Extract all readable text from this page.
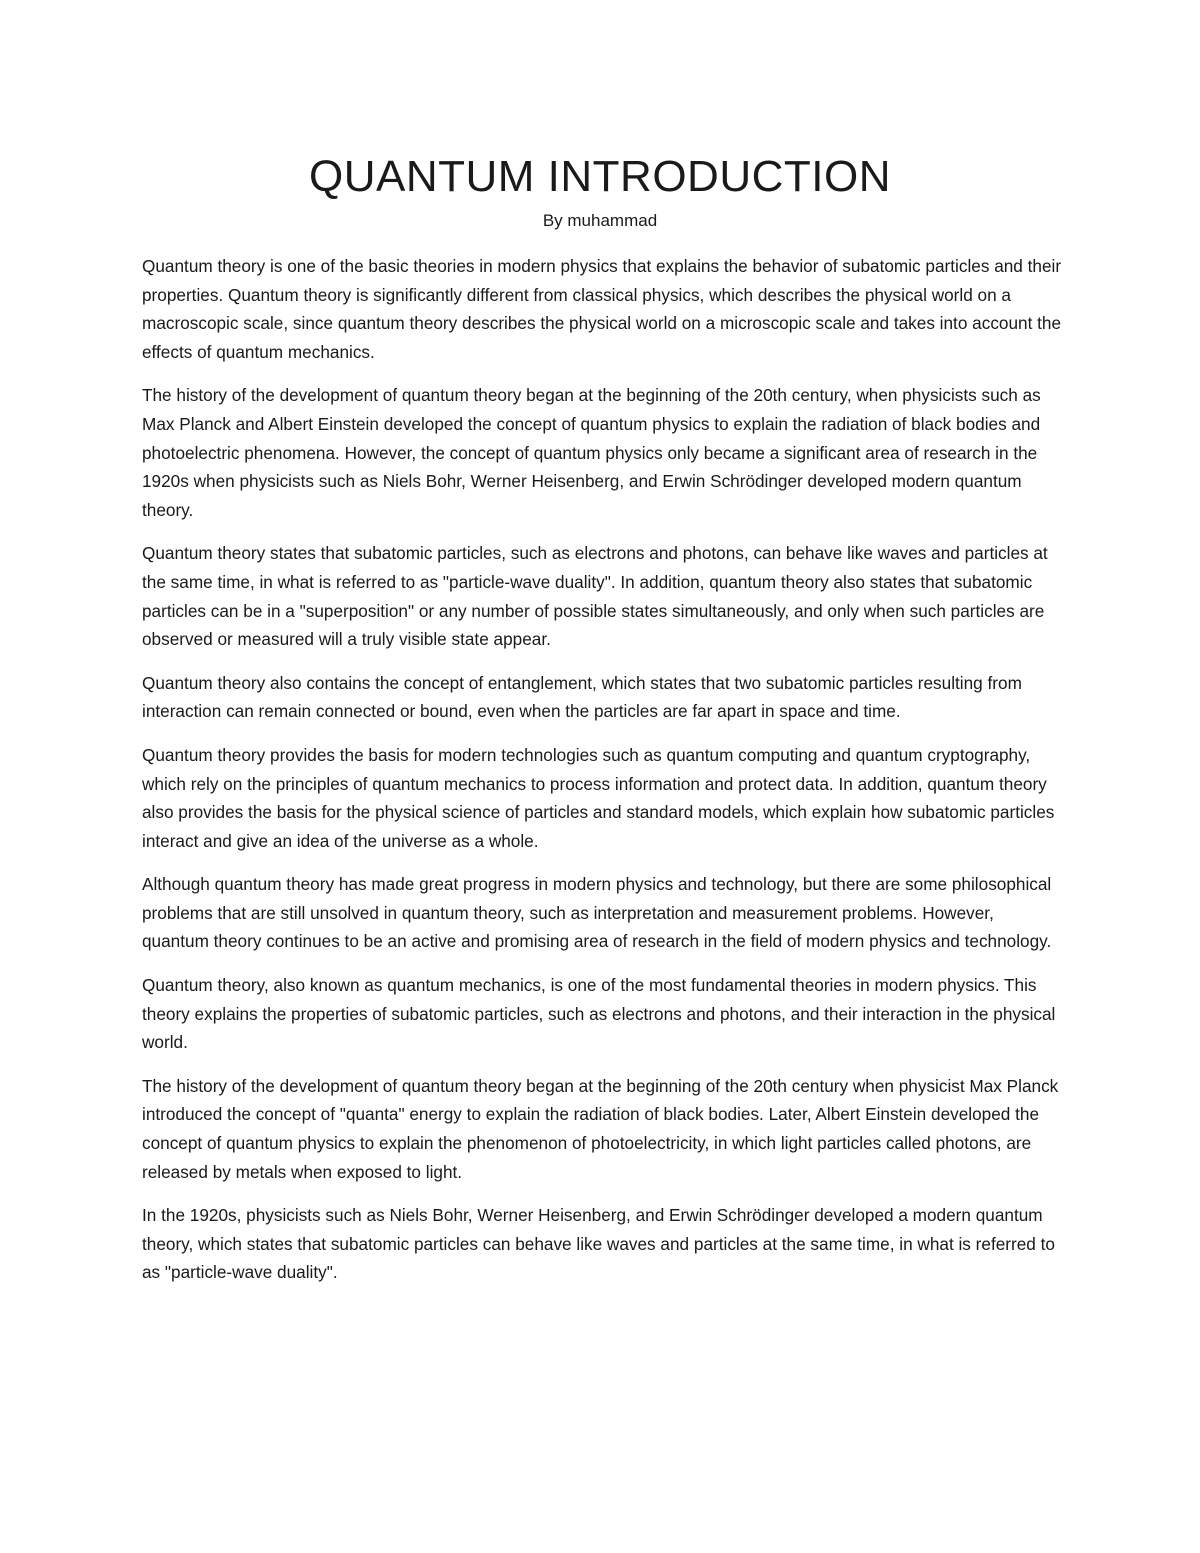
QUANTUM INTRODUCTION

By muhammad

Quantum theory is one of the basic theories in modern physics that explains the behavior of subatomic particles and their properties. Quantum theory is significantly different from classical physics, which describes the physical world on a macroscopic scale, since quantum theory describes the physical world on a microscopic scale and takes into account the effects of quantum mechanics.

The history of the development of quantum theory began at the beginning of the 20th century, when physicists such as Max Planck and Albert Einstein developed the concept of quantum physics to explain the radiation of black bodies and photoelectric phenomena. However, the concept of quantum physics only became a significant area of research in the 1920s when physicists such as Niels Bohr, Werner Heisenberg, and Erwin Schrödinger developed modern quantum theory.

Quantum theory states that subatomic particles, such as electrons and photons, can behave like waves and particles at the same time, in what is referred to as "particle-wave duality". In addition, quantum theory also states that subatomic particles can be in a "superposition" or any number of possible states simultaneously, and only when such particles are observed or measured will a truly visible state appear.

Quantum theory also contains the concept of entanglement, which states that two subatomic particles resulting from interaction can remain connected or bound, even when the particles are far apart in space and time.

Quantum theory provides the basis for modern technologies such as quantum computing and quantum cryptography, which rely on the principles of quantum mechanics to process information and protect data. In addition, quantum theory also provides the basis for the physical science of particles and standard models, which explain how subatomic particles interact and give an idea of the universe as a whole.

Although quantum theory has made great progress in modern physics and technology, but there are some philosophical problems that are still unsolved in quantum theory, such as interpretation and measurement problems. However, quantum theory continues to be an active and promising area of research in the field of modern physics and technology.

Quantum theory, also known as quantum mechanics, is one of the most fundamental theories in modern physics. This theory explains the properties of subatomic particles, such as electrons and photons, and their interaction in the physical world.

The history of the development of quantum theory began at the beginning of the 20th century when physicist Max Planck introduced the concept of "quanta" energy to explain the radiation of black bodies. Later, Albert Einstein developed the concept of quantum physics to explain the phenomenon of photoelectricity, in which light particles called photons, are released by metals when exposed to light.

In the 1920s, physicists such as Niels Bohr, Werner Heisenberg, and Erwin Schrödinger developed a modern quantum theory, which states that subatomic particles can behave like waves and particles at the same time, in what is referred to as "particle-wave duality".
